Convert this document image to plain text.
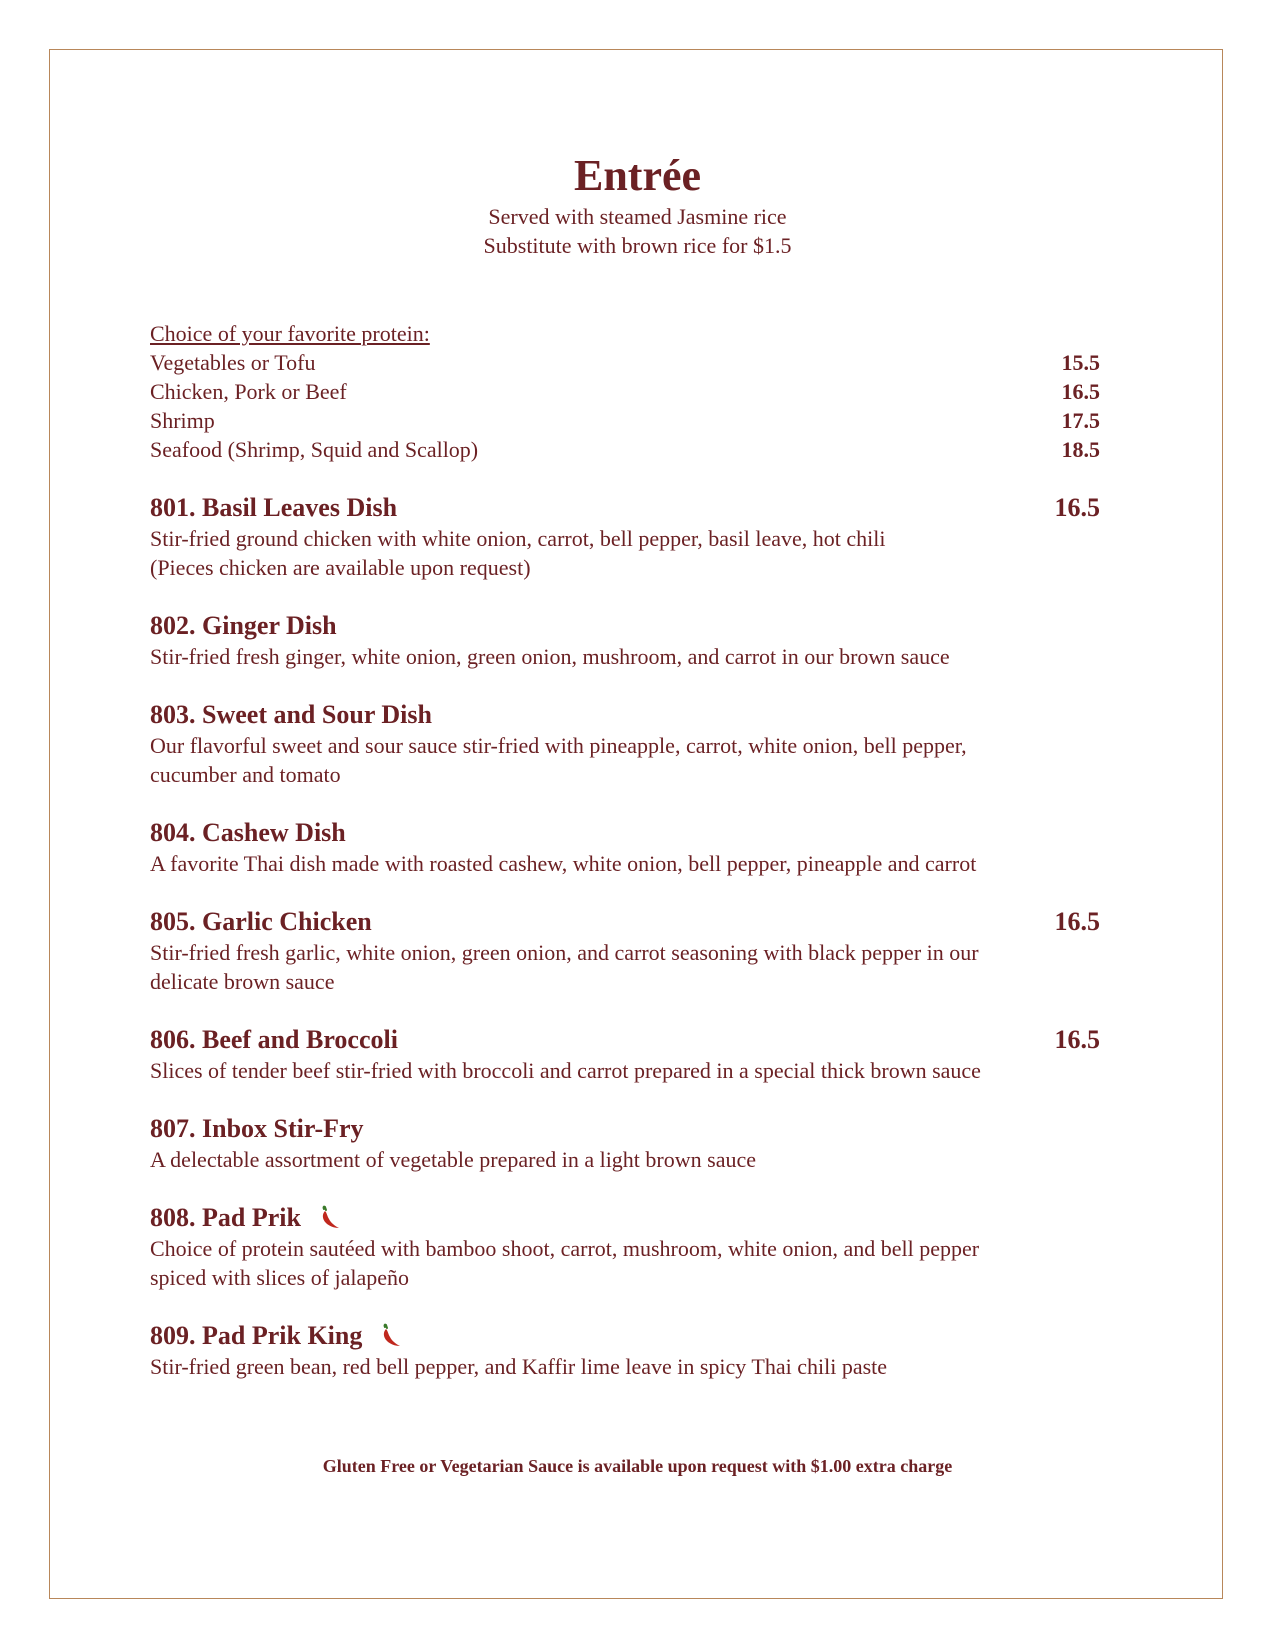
Entrée
Served with steamed Jasmine rice
Substitute with brown rice for $1.5
Choice of your favorite protein:
Vegetables or Tofu	15.5
Chicken, Pork or Beef	16.5
Shrimp	17.5
Seafood (Shrimp, Squid and Scallop)	18.5
801. Basil Leaves Dish	16.5
Stir-fried ground chicken with white onion, carrot, bell pepper, basil leave, hot chili
(Pieces chicken are available upon request)
802. Ginger Dish
Stir-fried fresh ginger, white onion, green onion, mushroom, and carrot in our brown sauce
803. Sweet and Sour Dish
Our flavorful sweet and sour sauce stir-fried with pineapple, carrot, white onion, bell pepper,
cucumber and tomato
804. Cashew Dish
A favorite Thai dish made with roasted cashew, white onion, bell pepper, pineapple and carrot
805. Garlic Chicken	16.5
Stir-fried fresh garlic, white onion, green onion, and carrot seasoning with black pepper in our
delicate brown sauce
806. Beef and Broccoli	16.5
Slices of tender beef stir-fried with broccoli and carrot prepared in a special thick brown sauce
807. Inbox Stir-Fry
A delectable assortment of vegetable prepared in a light brown sauce
808. Pad Prik
Choice of protein sautéed with bamboo shoot, carrot, mushroom, white onion, and bell pepper
spiced with slices of jalapeño
809. Pad Prik King
Stir-fried green bean, red bell pepper, and Kaffir lime leave in spicy Thai chili paste
Gluten Free or Vegetarian Sauce is available upon request with $1.00 extra charge
